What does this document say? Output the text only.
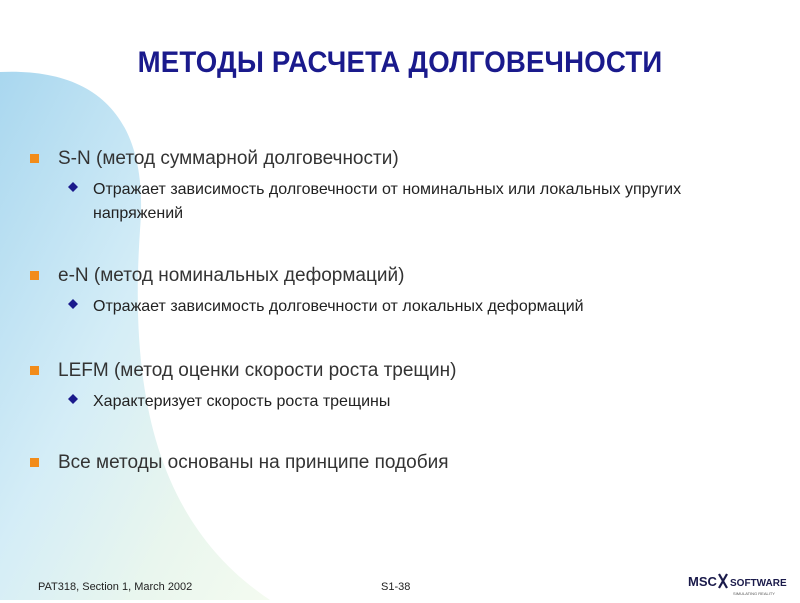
МЕТОДЫ РАСЧЕТА ДОЛГОВЕЧНОСТИ
S-N (метод суммарной долговечности)
Отражает зависимость долговечности от номинальных или локальных упругих напряжений
e-N (метод номинальных деформаций)
Отражает зависимость долговечности от локальных деформаций
LEFM (метод оценки скорости роста трещин)
Характеризует скорость роста трещины
Все методы основаны на принципе подобия
PAT318, Section 1, March 2002	S1-38	MSC SOFTWARE
SIMULATING REALITY
